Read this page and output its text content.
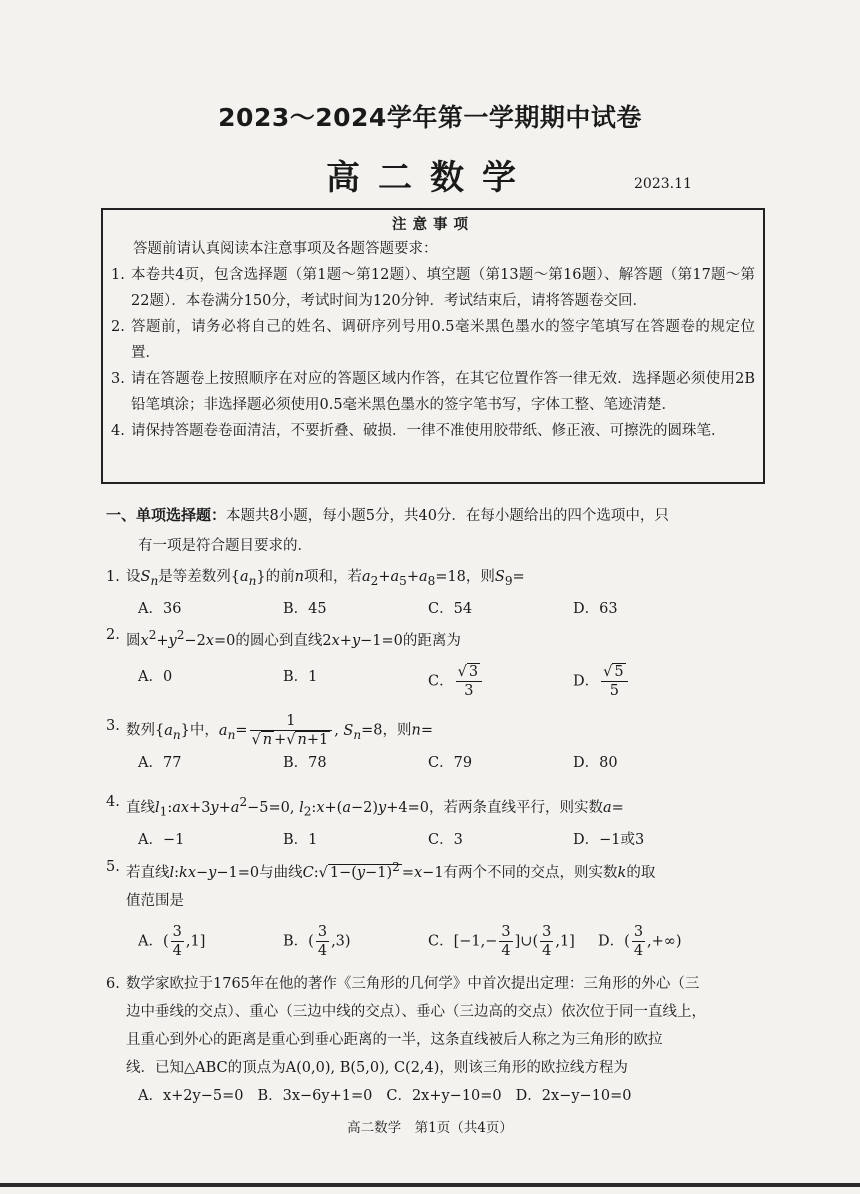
2023～2024学年第一学期期中试卷
高二数学	2023.11
注意事项
答题前请认真阅读本注意事项及各题答题要求：
1. 本卷共4页，包含选择题（第1题～第12题）、填空题（第13题～第16题）、解答题（第17题～第22题）．本卷满分150分，考试时间为120分钟．考试结束后，请将答题卷交回．
2. 答题前，请务必将自己的姓名、调研序列号用0.5毫米黑色墨水的签字笔填写在答题卷的规定位置．
3. 请在答题卷上按照顺序在对应的答题区域内作答，在其它位置作答一律无效．选择题必须使用2B铅笔填涂；非选择题必须使用0.5毫米黑色墨水的签字笔书写，字体工整、笔迹清楚．
4. 请保持答题卷卷面清洁，不要折叠、破损．一律不准使用胶带纸、修正液、可擦洗的圆珠笔．
一、单项选择题：本题共8小题，每小题5分，共40分．在每小题给出的四个选项中，只
有一项是符合题目要求的．
1. 设$S_n$是等差数列$\{a_n\}$的前n项和，若$a_2+a_5+a_8=18$，则$S_9=$
A．36	B．45	C．54	D．63
2. 圆$x^2+y^2-2x=0$的圆心到直线2x+y−1=0的距离为
A．0	B．1	C． $\frac{√ 3}{3}$	D． $\frac{√ 5}{5}$
3. 数列$\{a_n\}$中，$a_n= \frac{1}{√ n +√ n+1}$ , $S_n=8$，则n=
A．77	B．78	C．79	D．80
4. 直线$l_1:ax+3y+a^2-5=0$, $l_2:x+(a-2)y+4=0$，若两条直线平行，则实数a=
A．−1	B．1	C．3	D．−1或3
5. 若直线l:kx−y−1=0与曲线C:√ $1-(y-1)^2 =x-1$有两个不同的交点，则实数k的取
值范围是
A．( $\frac{3}{4} ,1$]	B．( $\frac{3}{4} ,3$)	C．[$-1,- \frac{3}{4}$ ]∪( $\frac{3}{4} ,1$]	D．( $\frac{3}{4}$ ,+∞)
6. 数学家欧拉于1765年在他的著作《三角形的几何学》中首次提出定理：三角形的外心（三
边中垂线的交点）、重心（三边中线的交点）、垂心（三边高的交点）依次位于同一直线上，
且重心到外心的距离是重心到垂心距离的一半，这条直线被后人称之为三角形的欧拉
线．已知△ABC的顶点为A(0,0), B(5,0), C(2,4)，则该三角形的欧拉线方程为
A．x+2y−5=0 B．3x−6y+1=0 C．2x+y−10=0 D．2x−y−10=0
高二数学　第1页（共4页）
